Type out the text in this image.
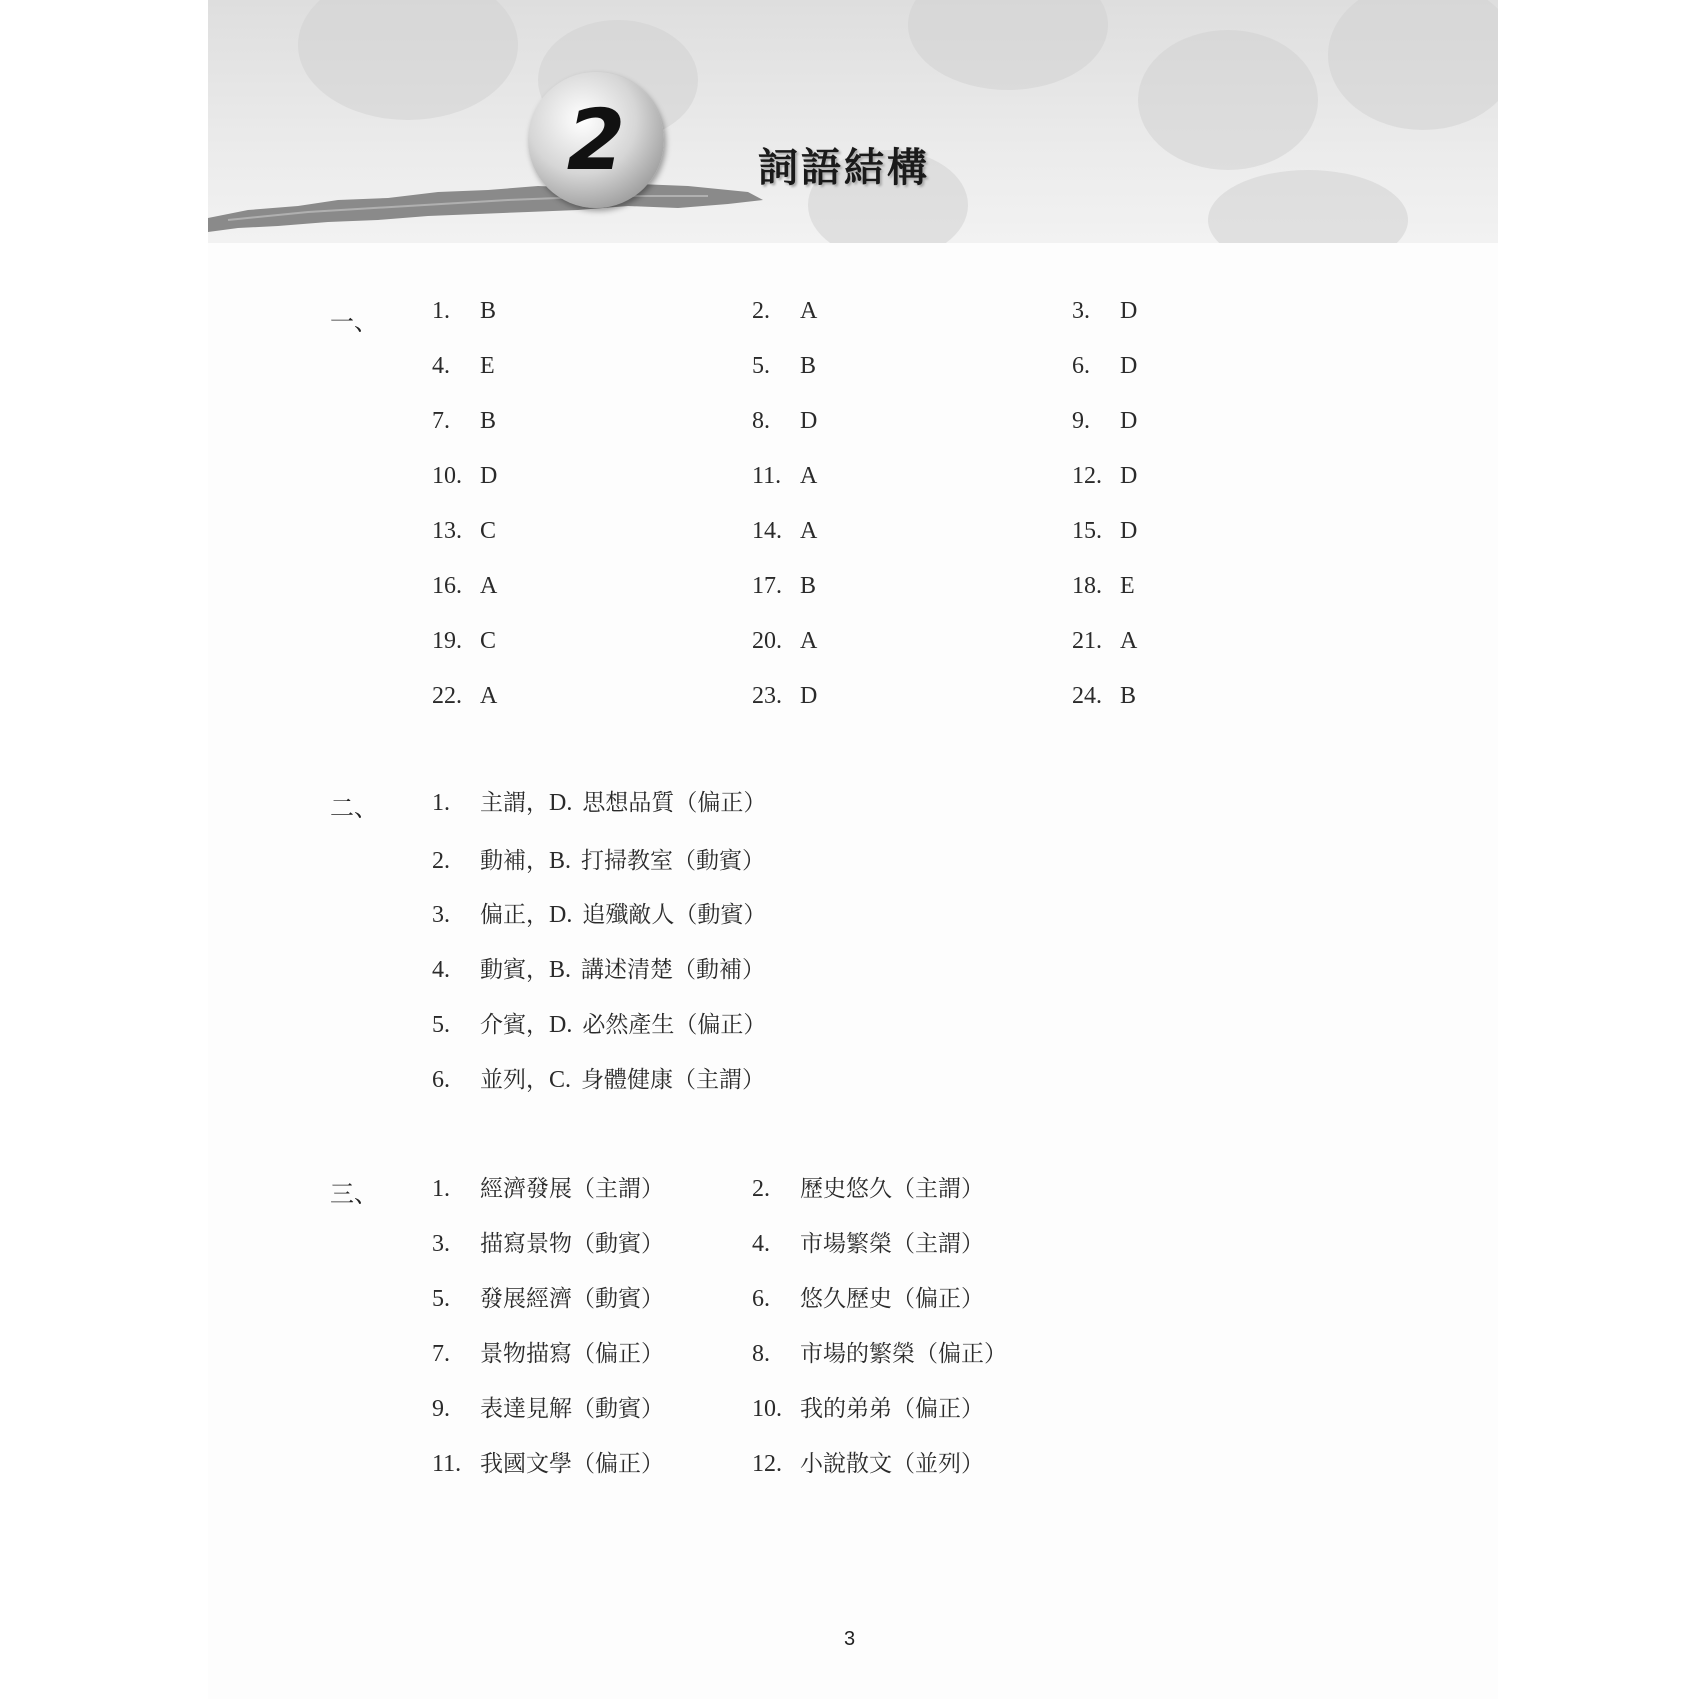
2	詞語結構
一、 1. B	2. A	3. D
4. E	5. B	6. D
7. B	8. D	9. D
10. D	11. A	12. D
13. C	14. A	15. D
16. A	17. B	18. E
19. C	20. A	21. A
22. A	23. D	24. B
二、 1. 主謂，D. 思想品質（偏正）
2. 動補，B. 打掃教室（動賓）
3. 偏正，D. 追殲敵人（動賓）
4. 動賓，B. 講述清楚（動補）
5. 介賓，D. 必然產生（偏正）
6. 並列，C. 身體健康（主謂）
三、 1. 經濟發展（主謂）	2. 歷史悠久（主謂）
3. 描寫景物（動賓）	4. 市場繁榮（主謂）
5. 發展經濟（動賓）	6. 悠久歷史（偏正）
7. 景物描寫（偏正）	8. 市場的繁榮（偏正）
9. 表達見解（動賓）	10. 我的弟弟（偏正）
11. 我國文學（偏正）	12. 小說散文（並列）
3
